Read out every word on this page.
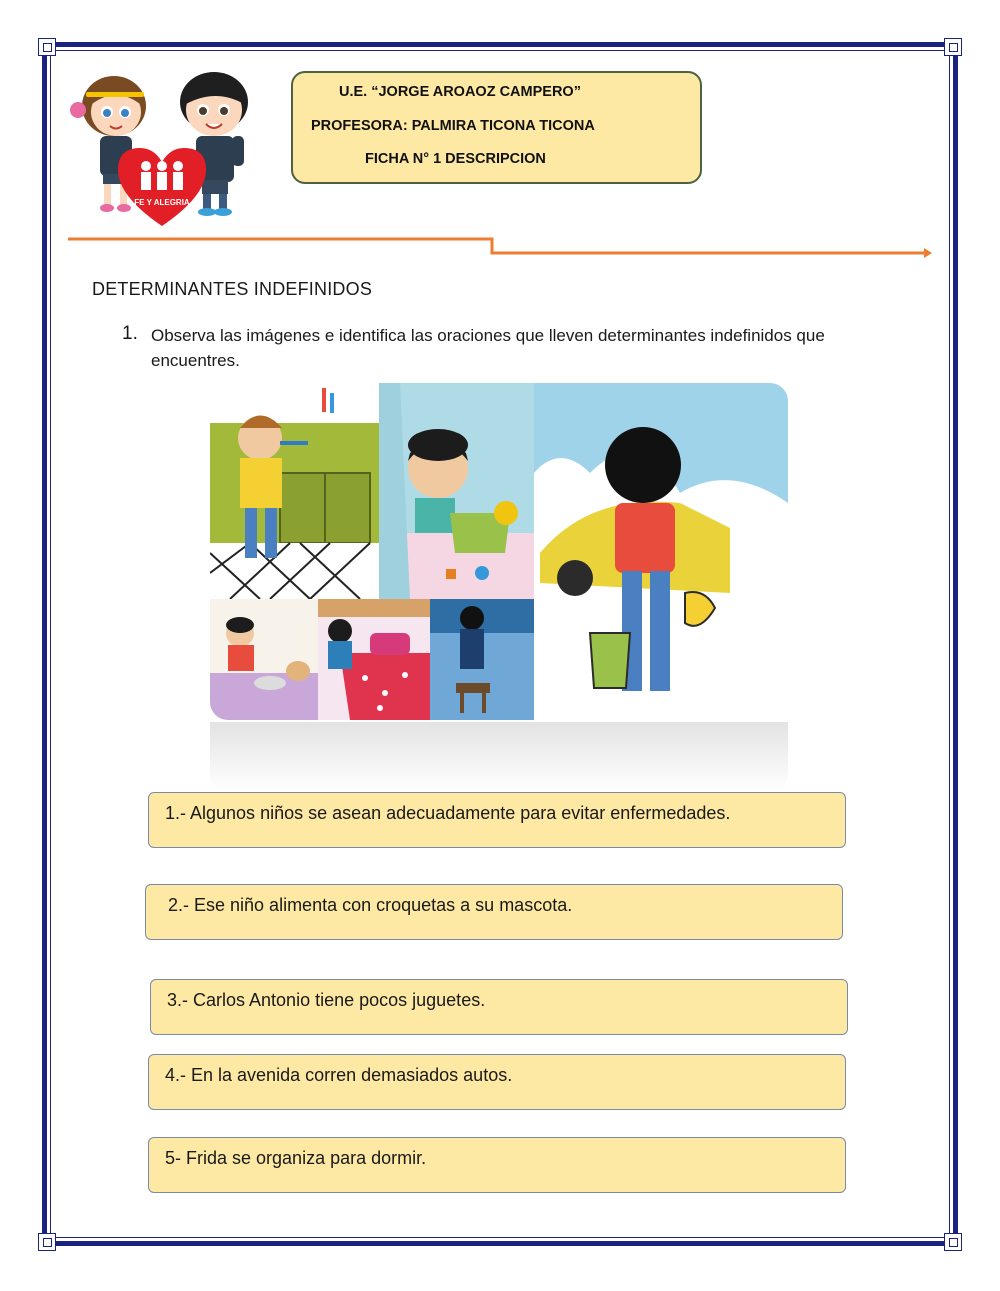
FE Y ALEGRIA
U.E. “JORGE AROAOZ CAMPERO”
PROFESORA: PALMIRA TICONA TICONA
FICHA N° 1 DESCRIPCION
DETERMINANTES INDEFINIDOS
1. Observa las imágenes e identifica las oraciones que lleven determinantes indefinidos que encuentres.
1.- Algunos niños se asean adecuadamente para evitar enfermedades.
2.- Ese niño alimenta con croquetas a su mascota.
3.- Carlos Antonio tiene pocos juguetes.
4.- En la avenida corren demasiados autos.
5- Frida se organiza para dormir.
